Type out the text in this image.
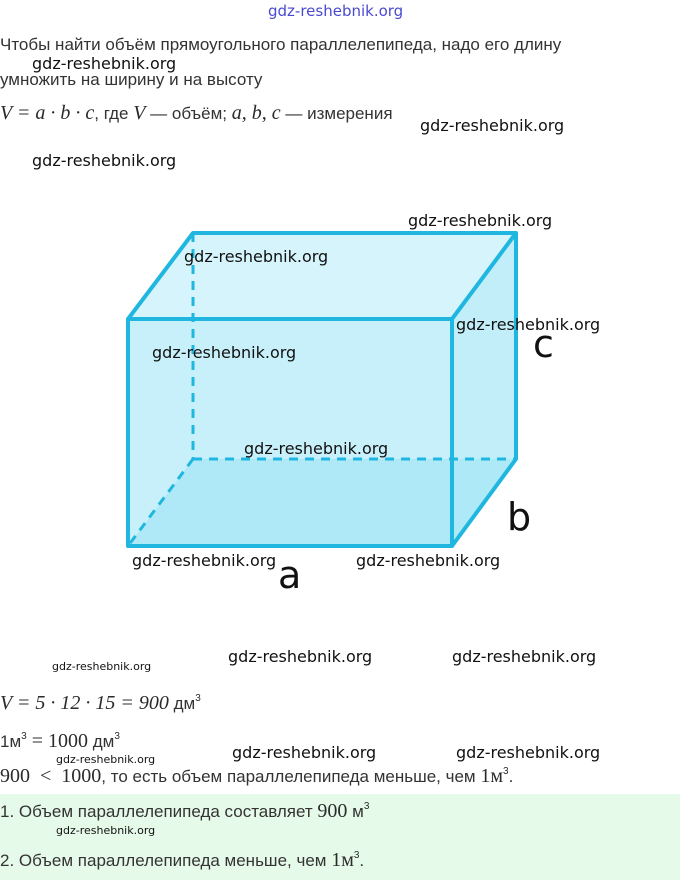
gdz-reshebnik.org
Чтобы найти объём прямоугольного параллелепипеда, надо его длину
gdz-reshebnik.org
умножить на ширину и на высоту
V = a · b · c, где V — объём; a, b, c — измерения
gdz-reshebnik.org
gdz-reshebnik.org
gdz-reshebnik.org
gdz-reshebnik.org
gdz-reshebnik.org
gdz-reshebnik.org
gdz-reshebnik.org
gdz-reshebnik.org	gdz-reshebnik.org
c
b
a
gdz-reshebnik.org
gdz-reshebnik.org	gdz-reshebnik.org
V = 5 · 12 · 15 = 900 $дм^3$
$1м^3 = 1000$ $дм^3$
gdz-reshebnik.org	gdz-reshebnik.org	gdz-reshebnik.org
900  <  1000, то есть объем параллелепипеда меньше, чем $1м^3$.
1. Объем параллелепипеда составляет 900 $м^3$
gdz-reshebnik.org
2. Объем параллелепипеда меньше, чем $1м^3$.
